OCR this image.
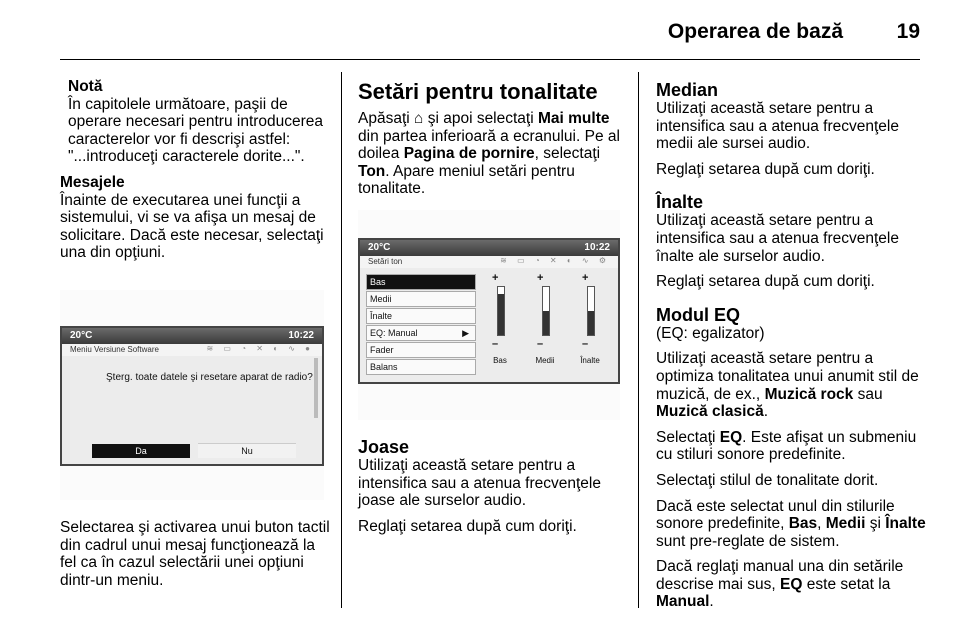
Operarea de bază	19

Notă

În capitolele următoare, paşii de operare necesari pentru introducerea caracterelor vor fi descrişi astfel: "...introduceţi caracterele dorite...".

Mesajele

Înainte de executarea unei funcţii a sistemului, vi se va afişa un mesaj de solicitare. Dacă este necesar, selectaţi una din opţiuni.

20°C	10:22
Meniu Versiune Software	≋ ▭ ◔ ✕ ◐ ∿ ●
Şterg. toate datele şi resetare aparat de radio?
Da	Nu

Selectarea şi activarea unui buton tactil din cadrul unui mesaj funcţionează la fel ca în cazul selectării unei opţiuni dintr-un meniu.

Setări pentru tonalitate

Apăsaţi ⌂ şi apoi selectaţi Mai multe din partea inferioară a ecranului. Pe al doilea Pagina de pornire, selectaţi Ton. Apare meniul setări pentru tonalitate.

20°C	10:22
Setări ton	≋ ▭ ◔ ✕ ◐ ∿ ⚙
Bas
Medii
Înalte
EQ: Manual	▶
Fader
Balans
+
–
Bas
+
–
Medii
+
–
Înalte
Joase

Utilizaţi această setare pentru a intensifica sau a atenua frecvenţele joase ale surselor audio.

Reglaţi setarea după cum doriţi.

Median

Utilizaţi această setare pentru a intensifica sau a atenua frecvenţele medii ale sursei audio.

Reglaţi setarea după cum doriţi.

Înalte

Utilizaţi această setare pentru a intensifica sau a atenua frecvenţele înalte ale surselor audio.

Reglaţi setarea după cum doriţi.

Modul EQ

(EQ: egalizator)

Utilizaţi această setare pentru a optimiza tonalitatea unui anumit stil de muzică, de ex., Muzică rock sau Muzică clasică.

Selectaţi EQ. Este afişat un submeniu cu stiluri sonore predefinite.

Selectaţi stilul de tonalitate dorit.

Dacă este selectat unul din stilurile sonore predefinite, Bas, Medii şi Înalte sunt pre-reglate de sistem.

Dacă reglaţi manual una din setările descrise mai sus, EQ este setat la Manual.
